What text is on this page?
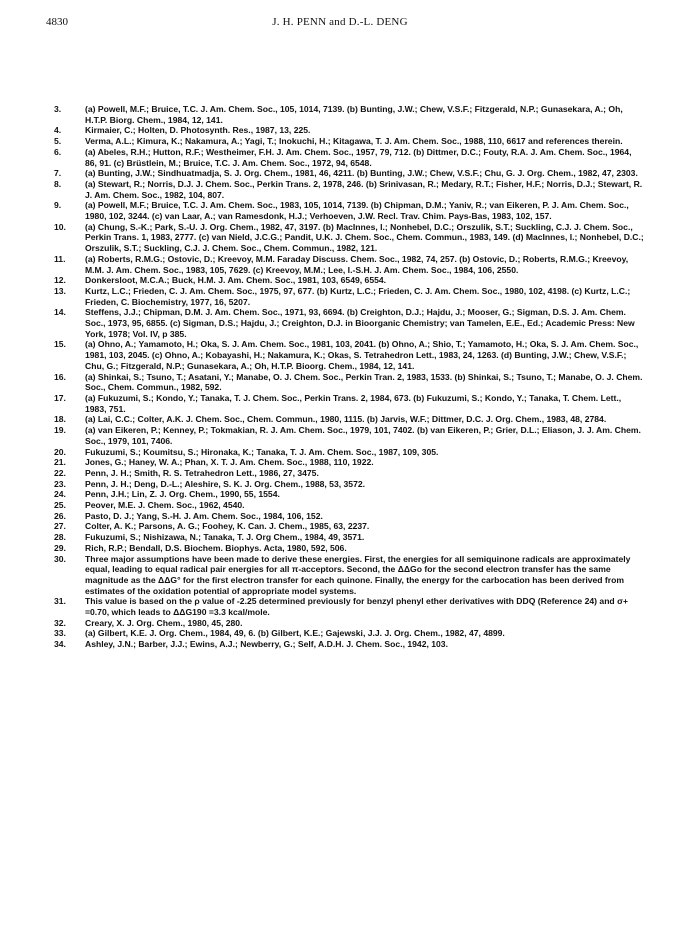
4830	J. H. PENN and D.-L. DENG
3.	(a) Powell, M.F.; Bruice, T.C. J. Am. Chem. Soc., 105, 1014, 7139. (b) Bunting, J.W.; Chew, V.S.F.; Fitzgerald, N.P.; Gunasekara, A.; Oh, H.T.P. Biorg. Chem., 1984, 12, 141.
4.	Kirmaier, C.; Holten, D. Photosynth. Res., 1987, 13, 225.
5.	Verma, A.L.; Kimura, K.; Nakamura, A.; Yagi, T.; Inokuchi, H.; Kitagawa, T. J. Am. Chem. Soc., 1988, 110, 6617 and references therein.
6.	(a) Abeles, R.H.; Hutton, R.F.; Westheimer, F.H. J. Am. Chem. Soc., 1957, 79, 712. (b) Dittmer, D.C.; Fouty, R.A. J. Am. Chem. Soc., 1964, 86, 91. (c) Brüstlein, M.; Bruice, T.C. J. Am. Chem. Soc., 1972, 94, 6548.
7.	(a) Bunting, J.W.; Sindhuatmadja, S. J. Org. Chem., 1981, 46, 4211. (b) Bunting, J.W.; Chew, V.S.F.; Chu, G. J. Org. Chem., 1982, 47, 2303.
8.	(a) Stewart, R.; Norris, D.J. J. Chem. Soc., Perkin Trans. 2, 1978, 246. (b) Srinivasan, R.; Medary, R.T.; Fisher, H.F.; Norris, D.J.; Stewart, R. J. Am. Chem. Soc., 1982, 104, 807.
9.	(a) Powell, M.F.; Bruice, T.C. J. Am. Chem. Soc., 1983, 105, 1014, 7139. (b) Chipman, D.M.; Yaniv, R.; van Eikeren, P. J. Am. Chem. Soc., 1980, 102, 3244. (c) van Laar, A.; van Ramesdonk, H.J.; Verhoeven, J.W. Recl. Trav. Chim. Pays-Bas, 1983, 102, 157.
10.	(a) Chung, S.-K.; Park, S.-U. J. Org. Chem., 1982, 47, 3197. (b) MacInnes, I.; Nonhebel, D.C.; Orszulik, S.T.; Suckling, C.J. J. Chem. Soc., Perkin Trans. 1, 1983, 2777. (c) van Nield, J.C.G.; Pandit, U.K. J. Chem. Soc., Chem. Commun., 1983, 149. (d) MacInnes, I.; Nonhebel, D.C.; Orszulik, S.T.; Suckling, C.J. J. Chem. Soc., Chem. Commun., 1982, 121.
11.	(a) Roberts, R.M.G.; Ostovic, D.; Kreevoy, M.M. Faraday Discuss. Chem. Soc., 1982, 74, 257. (b) Ostovic, D.; Roberts, R.M.G.; Kreevoy, M.M. J. Am. Chem. Soc., 1983, 105, 7629. (c) Kreevoy, M.M.; Lee, I.-S.H. J. Am. Chem. Soc., 1984, 106, 2550.
12.	Donkersloot, M.C.A.; Buck, H.M. J. Am. Chem. Soc., 1981, 103, 6549, 6554.
13.	Kurtz, L.C.; Frieden, C. J. Am. Chem. Soc., 1975, 97, 677. (b) Kurtz, L.C.; Frieden, C. J. Am. Chem. Soc., 1980, 102, 4198. (c) Kurtz, L.C.; Frieden, C. Biochemistry, 1977, 16, 5207.
14.	Steffens, J.J.; Chipman, D.M. J. Am. Chem. Soc., 1971, 93, 6694. (b) Creighton, D.J.; Hajdu, J.; Mooser, G.; Sigman, D.S. J. Am. Chem. Soc., 1973, 95, 6855. (c) Sigman, D.S.; Hajdu, J.; Creighton, D.J. in Bioorganic Chemistry; van Tamelen, E.E., Ed.; Academic Press: New York, 1978; Vol. IV, p 385.
15.	(a) Ohno, A.; Yamamoto, H.; Oka, S. J. Am. Chem. Soc., 1981, 103, 2041. (b) Ohno, A.; Shio, T.; Yamamoto, H.; Oka, S. J. Am. Chem. Soc., 1981, 103, 2045. (c) Ohno, A.; Kobayashi, H.; Nakamura, K.; Okas, S. Tetrahedron Lett., 1983, 24, 1263. (d) Bunting, J.W.; Chew, V.S.F.; Chu, G.; Fitzgerald, N.P.; Gunasekara, A.; Oh, H.T.P. Bioorg. Chem., 1984, 12, 141.
16.	(a) Shinkai, S.; Tsuno, T.; Asatani, Y.; Manabe, O. J. Chem. Soc., Perkin Tran. 2, 1983, 1533. (b) Shinkai, S.; Tsuno, T.; Manabe, O. J. Chem. Soc., Chem. Commun., 1982, 592.
17.	(a) Fukuzumi, S.; Kondo, Y.; Tanaka, T. J. Chem. Soc., Perkin Trans. 2, 1984, 673. (b) Fukuzumi, S.; Kondo, Y.; Tanaka, T. Chem. Lett., 1983, 751.
18.	(a) Lai, C.C.; Colter, A.K. J. Chem. Soc., Chem. Commun., 1980, 1115. (b) Jarvis, W.F.; Dittmer, D.C. J. Org. Chem., 1983, 48, 2784.
19.	(a) van Eikeren, P.; Kenney, P.; Tokmakian, R. J. Am. Chem. Soc., 1979, 101, 7402. (b) van Eikeren, P.; Grier, D.L.; Eliason, J. J. Am. Chem. Soc., 1979, 101, 7406.
20.	Fukuzumi, S.; Koumitsu, S.; Hironaka, K.; Tanaka, T. J. Am. Chem. Soc., 1987, 109, 305.
21.	Jones, G.; Haney, W. A.; Phan, X. T. J. Am. Chem. Soc., 1988, 110, 1922.
22.	Penn, J. H.; Smith, R. S. Tetrahedron Lett., 1986, 27, 3475.
23.	Penn, J. H.; Deng, D.-L.; Aleshire, S. K. J. Org. Chem., 1988, 53, 3572.
24.	Penn, J.H.; Lin, Z. J. Org. Chem., 1990, 55, 1554.
25.	Peover, M.E. J. Chem. Soc., 1962, 4540.
26.	Pasto, D. J.; Yang, S.-H. J. Am. Chem. Soc., 1984, 106, 152.
27.	Colter, A. K.; Parsons, A. G.; Foohey, K. Can. J. Chem., 1985, 63, 2237.
28.	Fukuzumi, S.; Nishizawa, N.; Tanaka, T. J. Org Chem., 1984, 49, 3571.
29.	Rich, R.P.; Bendall, D.S. Biochem. Biophys. Acta, 1980, 592, 506.
30.	Three major assumptions have been made to derive these energies. First, the energies for all semiquinone radicals are approximately equal, leading to equal radical pair energies for all π-acceptors. Second, the ΔΔGo for the second electron transfer has the same magnitude as the ΔΔG° for the first electron transfer for each quinone. Finally, the energy for the carbocation has been derived from estimates of the oxidation potential of appropriate model systems.
31.	This value is based on the ρ value of -2.25 determined previously for benzyl phenyl ether derivatives with DDQ (Reference 24) and σ+ =0.70, which leads to ΔΔG190 =3.3 kcal/mole.
32.	Creary, X. J. Org. Chem., 1980, 45, 280.
33.	(a) Gilbert, K.E. J. Org. Chem., 1984, 49, 6. (b) Gilbert, K.E.; Gajewski, J.J. J. Org. Chem., 1982, 47, 4899.
34.	Ashley, J.N.; Barber, J.J.; Ewins, A.J.; Newberry, G.; Self, A.D.H. J. Chem. Soc., 1942, 103.
